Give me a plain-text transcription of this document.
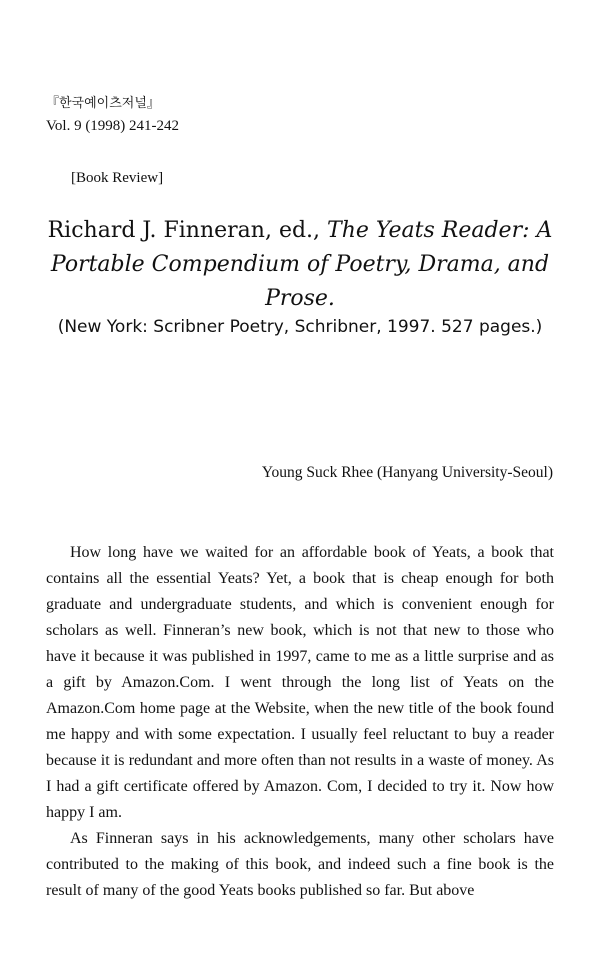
『한국예이츠저널』
Vol. 9 (1998) 241-242
[Book Review]
Richard J. Finneran, ed., The Yeats Reader: A Portable Compendium of Poetry, Drama, and Prose.
(New York: Scribner Poetry, Schribner, 1997. 527 pages.)
Young Suck Rhee (Hanyang University-Seoul)

How long have we waited for an affordable book of Yeats, a book that contains all the essential Yeats? Yet, a book that is cheap enough for both graduate and undergraduate students, and which is convenient enough for scholars as well. Finneran’s new book, which is not that new to those who have it because it was published in 1997, came to me as a little surprise and as a gift by Amazon.Com. I went through the long list of Yeats on the Amazon.Com home page at the Website, when the new title of the book found me happy and with some expectation. I usually feel reluctant to buy a reader because it is redundant and more often than not results in a waste of money. As I had a gift certificate offered by Amazon. Com, I decided to try it. Now how happy I am.

As Finneran says in his acknowledgements, many other scholars have contributed to the making of this book, and indeed such a fine book is the result of many of the good Yeats books published so far. But above
